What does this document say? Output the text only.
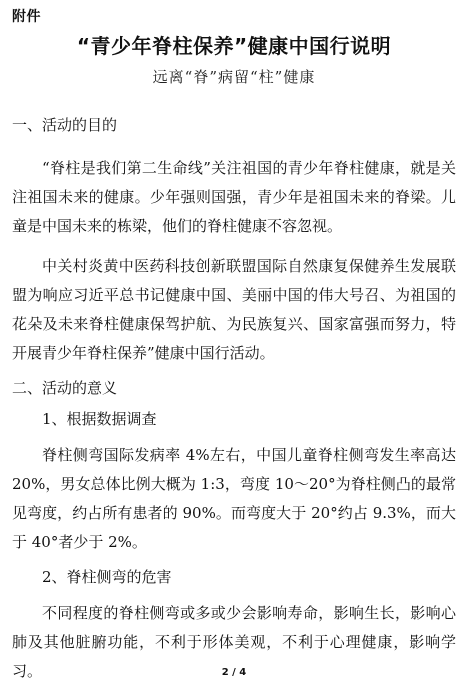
附件
“青少年脊柱保养”健康中国行说明
远离“脊”病留“柱”健康

一、活动的目的

“脊柱是我们第二生命线”关注祖国的青少年脊柱健康，就是关注祖国未来的健康。少年强则国强，青少年是祖国未来的脊梁。儿童是中国未来的栋梁，他们的脊柱健康不容忽视。

中关村炎黄中医药科技创新联盟国际自然康复保健养生发展联盟为响应习近平总书记健康中国、美丽中国的伟大号召、为祖国的花朵及未来脊柱健康保驾护航、为民族复兴、国家富强而努力，特开展青少年脊柱保养”健康中国行活动。

二、活动的意义

1、根据数据调查

脊柱侧弯国际发病率 4%左右，中国儿童脊柱侧弯发生率高达 20%，男女总体比例大概为 1:3，弯度 10～20°为脊柱侧凸的最常见弯度，约占所有患者的 90%。而弯度大于 20°约占 9.3%，而大于 40°者少于 2%。

2、脊柱侧弯的危害

不同程度的脊柱侧弯或多或少会影响寿命，影响生长，影响心肺及其他脏腑功能，不利于形体美观，不利于心理健康，影响学习。	2 / 4
